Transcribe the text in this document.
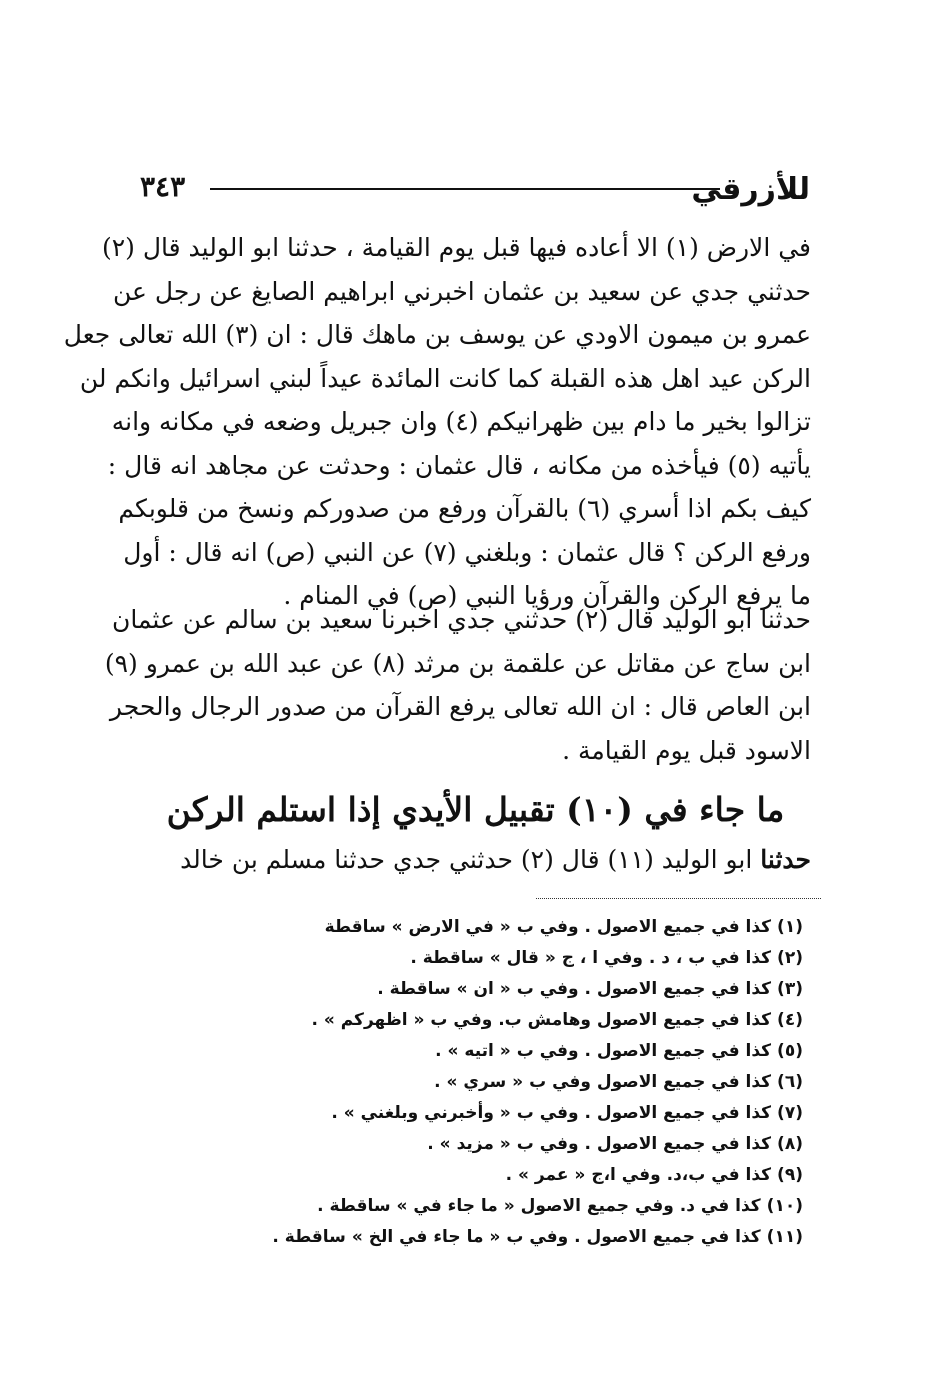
للأزرقي
٣٤٣
في الارض (١) الا أعاده فيها قبل يوم القيامة ، حدثنا ابو الوليد قال (٢)
حدثني جدي عن سعيد بن عثمان اخبرني ابراهيم الصايغ عن رجل عن
عمرو بن ميمون الاودي عن يوسف بن ماهك قال : ان (٣) الله تعالى جعل
الركن عيد اهل هذه القبلة كما كانت المائدة عيداً لبني اسرائيل وانكم لن
تزالوا بخير ما دام بين ظهرانيكم (٤) وان جبريل وضعه في مكانه وانه
يأتيه (٥) فيأخذه من مكانه ، قال عثمان : وحدثت عن مجاهد انه قال :
كيف بكم اذا أسري (٦) بالقرآن ورفع من صدوركم ونسخ من قلوبكم
ورفع الركن ؟ قال عثمان : وبلغني (٧) عن النبي (ص) انه قال : أول
ما يرفع الركن والقرآن ورؤيا النبي (ص) في المنام .
حدثنا ابو الوليد قال (٢) حدثني جدي اخبرنا سعيد بن سالم عن عثمان
ابن ساج عن مقاتل عن علقمة بن مرثد (٨) عن عبد الله بن عمرو (٩)
ابن العاص قال : ان الله تعالى يرفع القرآن من صدور الرجال والحجر
الاسود قبل يوم القيامة .
ما جاء في (١٠) تقبيل الأيدي إذا استلم الركن
حدثنا ابو الوليد (١١) قال (٢) حدثني جدي حدثنا مسلم بن خالد
(١)كذا في جميع الاصول . وفي ب « في الارض » ساقطة
(٢)كذا في ب ، د . وفي ا ، ج « قال » ساقطة .
(٣)كذا في جميع الاصول . وفي ب « ان » ساقطة .
(٤)كذا في جميع الاصول وهامش ب. وفي ب « اظهركم » .
(٥)كذا في جميع الاصول . وفي ب « اتيه » .
(٦)كذا في جميع الاصول وفي ب « سري » .
(٧)كذا في جميع الاصول . وفي ب « وأخبرني وبلغني » .
(٨)كذا في جميع الاصول . وفي ب « مزيد » .
(٩)كذا في ب،د. وفي ا،ج « عمر » .
(١٠)كذا في د. وفي جميع الاصول « ما جاء في » ساقطة .
(١١)كذا في جميع الاصول . وفي ب « ما جاء في الخ » ساقطة .
